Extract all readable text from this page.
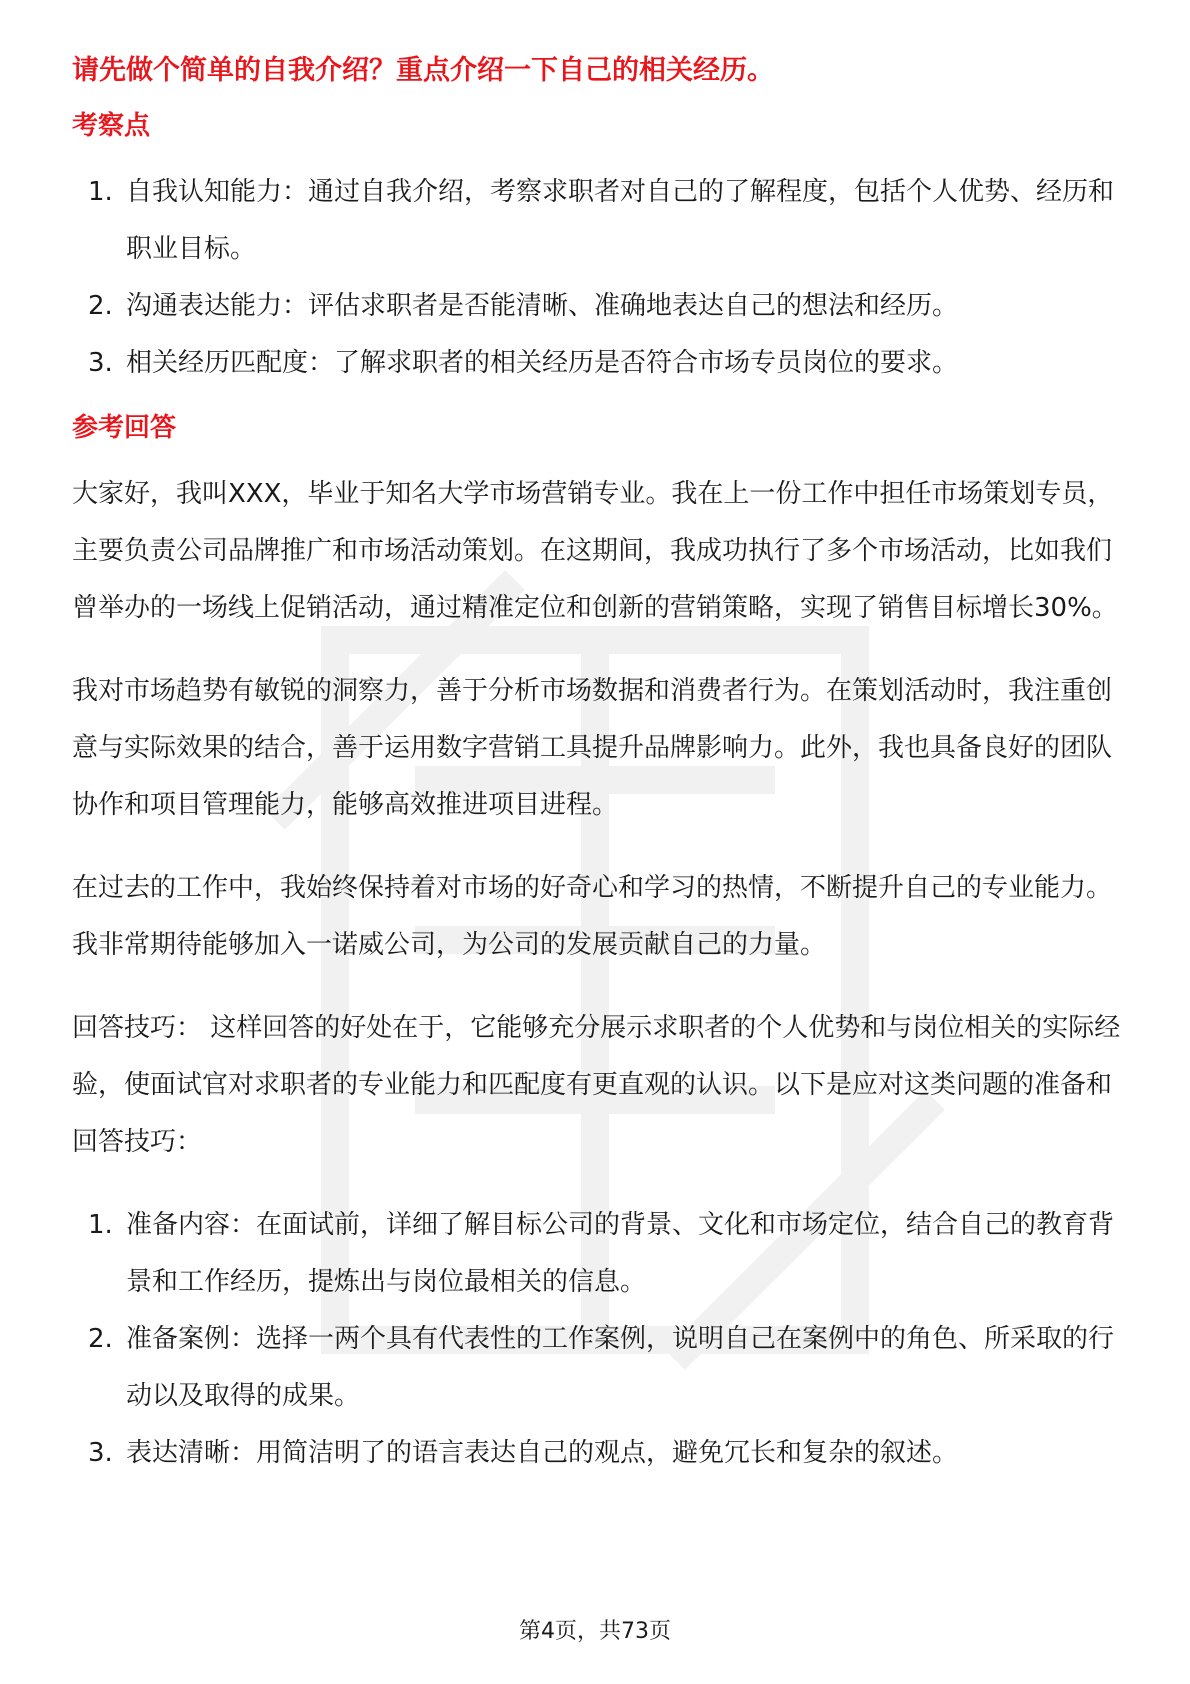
请先做个简单的自我介绍？重点介绍一下自己的相关经历。
考察点
1. 自我认知能力：通过自我介绍，考察求职者对自己的了解程度，包括个人优势、经历和职业目标。
2. 沟通表达能力：评估求职者是否能清晰、准确地表达自己的想法和经历。
3. 相关经历匹配度：了解求职者的相关经历是否符合市场专员岗位的要求。
参考回答

大家好，我叫XXX，毕业于知名大学市场营销专业。我在上一份工作中担任市场策划专员，主要负责公司品牌推广和市场活动策划。在这期间，我成功执行了多个市场活动，比如我们曾举办的一场线上促销活动，通过精准定位和创新的营销策略，实现了销售目标增长30%。

我对市场趋势有敏锐的洞察力，善于分析市场数据和消费者行为。在策划活动时，我注重创意与实际效果的结合，善于运用数字营销工具提升品牌影响力。此外，我也具备良好的团队协作和项目管理能力，能够高效推进项目进程。

在过去的工作中，我始终保持着对市场的好奇心和学习的热情，不断提升自己的专业能力。我非常期待能够加入一诺威公司，为公司的发展贡献自己的力量。

回答技巧： 这样回答的好处在于，它能够充分展示求职者的个人优势和与岗位相关的实际经验，使面试官对求职者的专业能力和匹配度有更直观的认识。以下是应对这类问题的准备和回答技巧：

1. 准备内容：在面试前，详细了解目标公司的背景、文化和市场定位，结合自己的教育背景和工作经历，提炼出与岗位最相关的信息。
2. 准备案例：选择一两个具有代表性的工作案例，说明自己在案例中的角色、所采取的行动以及取得的成果。
3. 表达清晰：用简洁明了的语言表达自己的观点，避免冗长和复杂的叙述。
第4页，共73页
